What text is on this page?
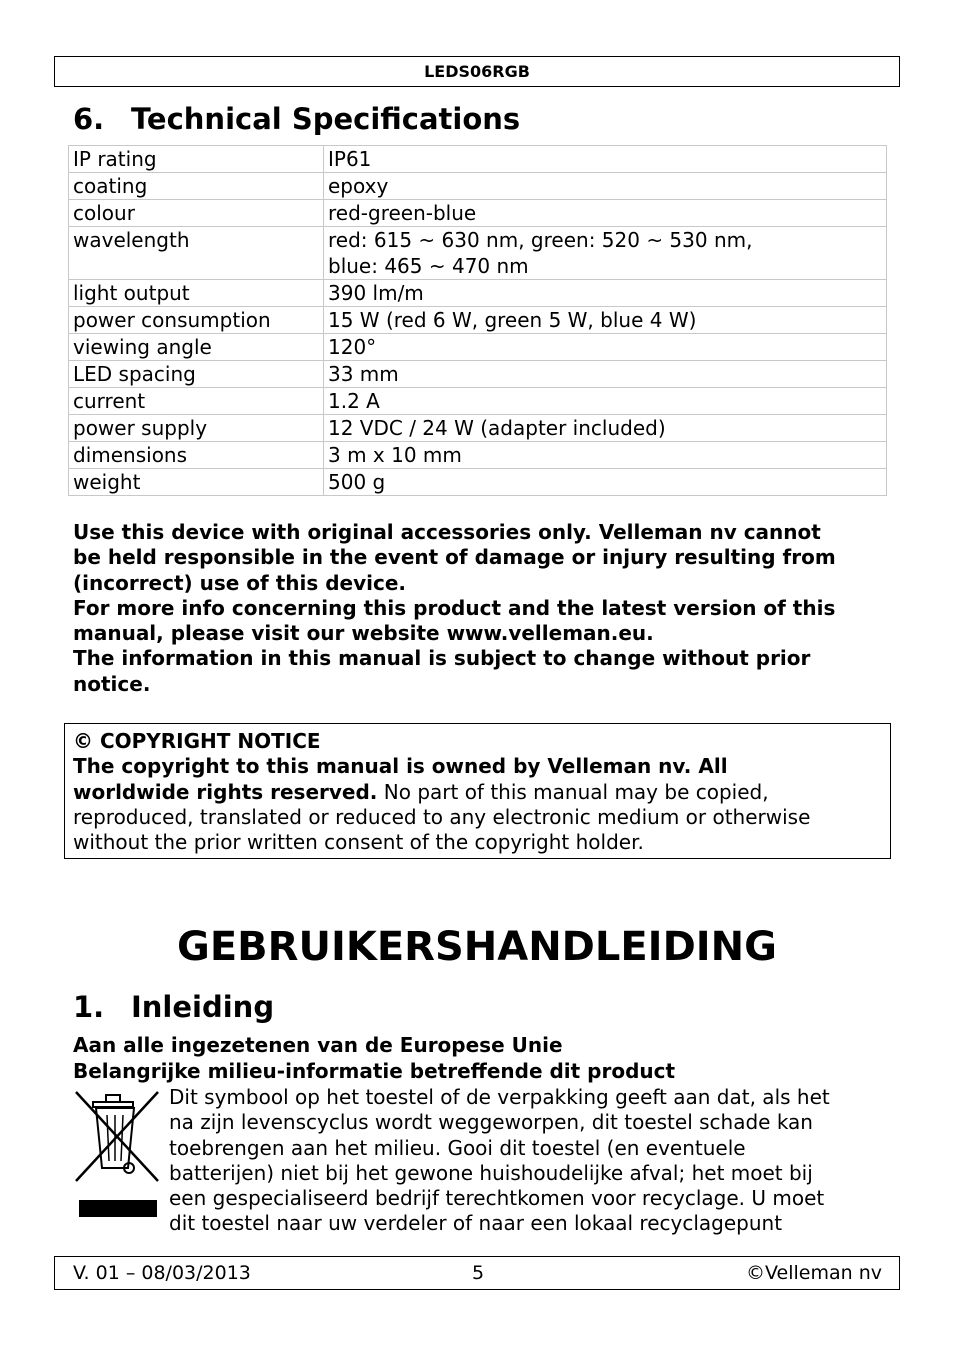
LEDS06RGB
6. Technical Specifications
IP rating	IP61
coating	epoxy
colour	red-green-blue
wavelength	red: 615 ~ 630 nm, green: 520 ~ 530 nm,
blue: 465 ~ 470 nm

light output	390 lm/m
power consumption	15 W (red 6 W, green 5 W, blue 4 W)
viewing angle	120°
LED spacing	33 mm
current	1.2 A
power supply	12 VDC / 24 W (adapter included)
dimensions	3 m x 10 mm
weight	500 g
Use this device with original accessories only. Velleman nv cannot
be held responsible in the event of damage or injury resulting from
(incorrect) use of this device.
For more info concerning this product and the latest version of this
manual, please visit our website www.velleman.eu.
The information in this manual is subject to change without prior
notice.
© COPYRIGHT NOTICE
The copyright to this manual is owned by Velleman nv. All
worldwide rights reserved. No part of this manual may be copied,
reproduced, translated or reduced to any electronic medium or otherwise
without the prior written consent of the copyright holder.
GEBRUIKERSHANDLEIDING
1. Inleiding
Aan alle ingezetenen van de Europese Unie
Belangrijke milieu-informatie betreffende dit product
Dit symbool op het toestel of de verpakking geeft aan dat, als het
na zijn levenscyclus wordt weggeworpen, dit toestel schade kan
toebrengen aan het milieu. Gooi dit toestel (en eventuele
batterijen) niet bij het gewone huishoudelijke afval; het moet bij
een gespecialiseerd bedrijf terechtkomen voor recyclage. U moet
dit toestel naar uw verdeler of naar een lokaal recyclagepunt
V. 01 – 08/03/2013	5	©Velleman nv
